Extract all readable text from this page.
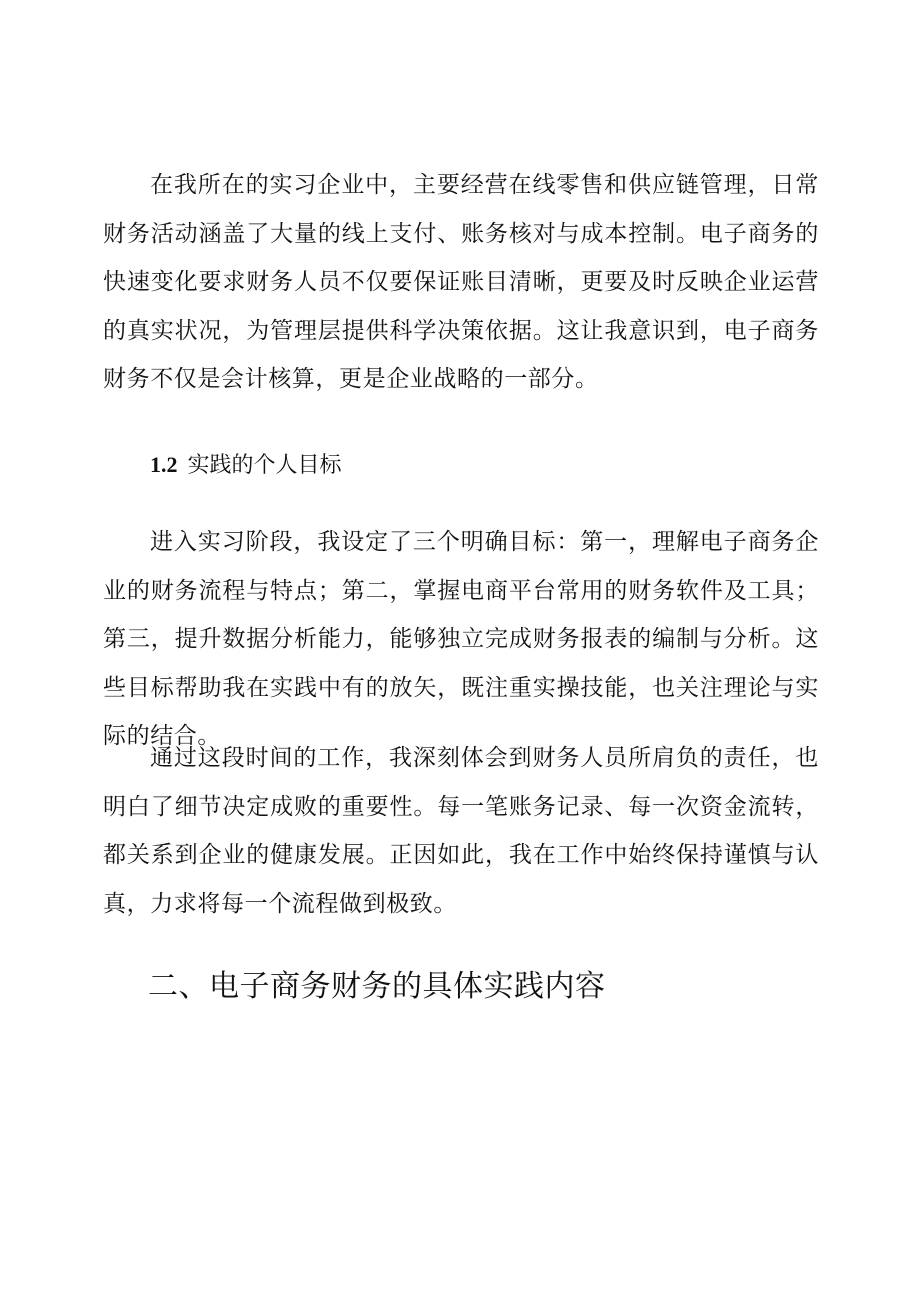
在我所在的实习企业中，主要经营在线零售和供应链管理，日常财务活动涵盖了大量的线上支付、账务核对与成本控制。电子商务的快速变化要求财务人员不仅要保证账目清晰，更要及时反映企业运营的真实状况，为管理层提供科学决策依据。这让我意识到，电子商务财务不仅是会计核算，更是企业战略的一部分。

1.2 实践的个人目标

进入实习阶段，我设定了三个明确目标：第一，理解电子商务企业的财务流程与特点；第二，掌握电商平台常用的财务软件及工具；第三，提升数据分析能力，能够独立完成财务报表的编制与分析。这些目标帮助我在实践中有的放矢，既注重实操技能，也关注理论与实际的结合。

通过这段时间的工作，我深刻体会到财务人员所肩负的责任，也明白了细节决定成败的重要性。每一笔账务记录、每一次资金流转，都关系到企业的健康发展。正因如此，我在工作中始终保持谨慎与认真，力求将每一个流程做到极致。

二、电子商务财务的具体实践内容
